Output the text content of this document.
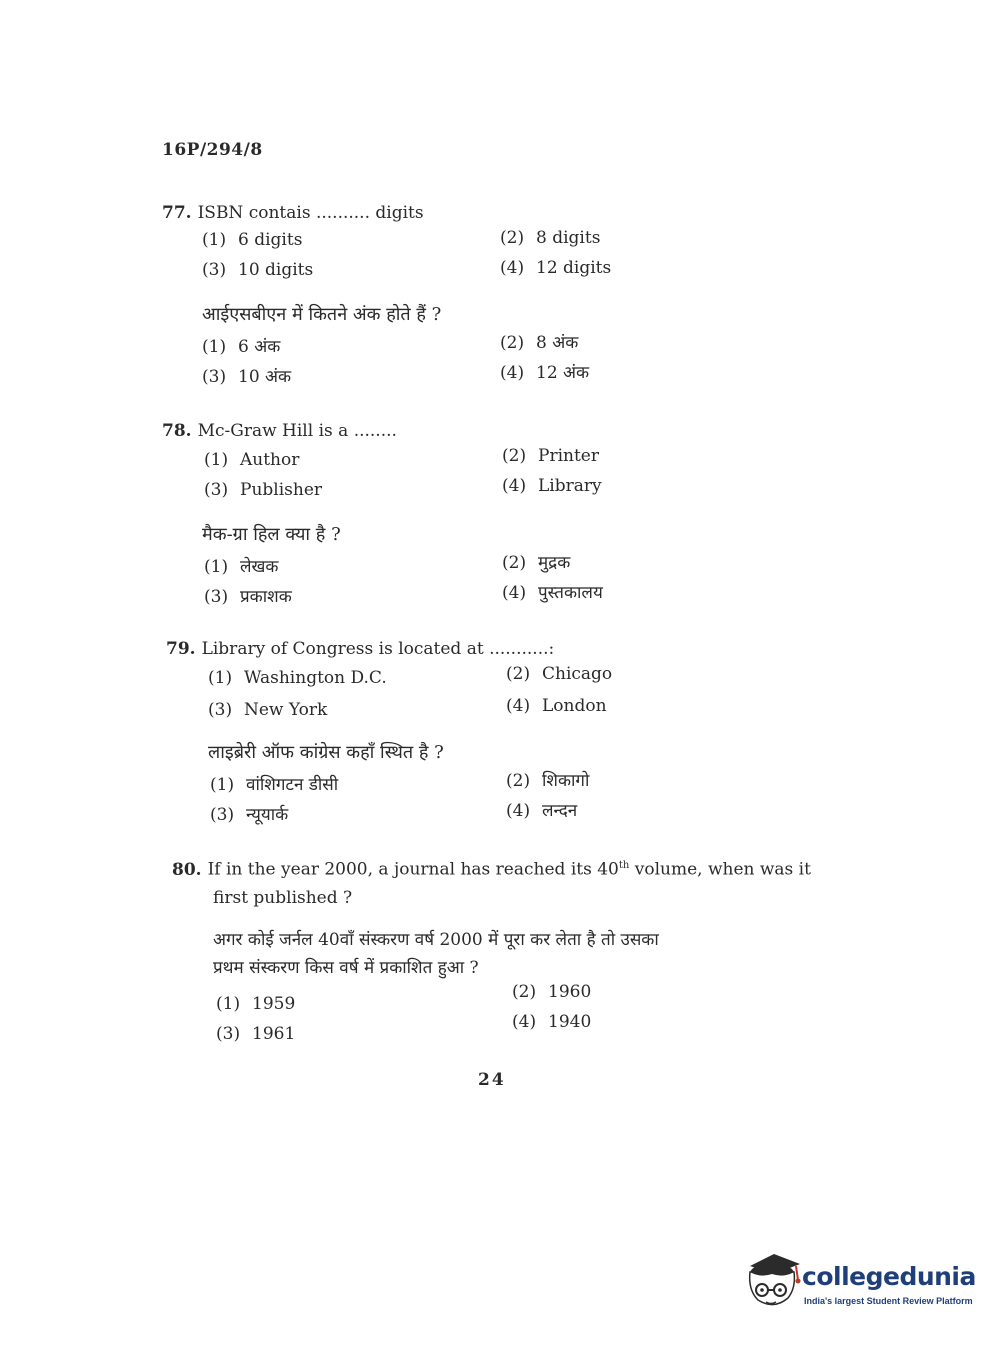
16P/294/8
77. ISBN contais .......... digits
(1) 6 digits	(2) 8 digits
(3) 10 digits	(4) 12 digits
आईएसबीएन में कितने अंक होते हैं ?
(1) 6 अंक	(2) 8 अंक
(3) 10 अंक	(4) 12 अंक
78. Mc-Graw Hill is a ........
(1) Author	(2) Printer
(3) Publisher	(4) Library
मैक-ग्रा हिल क्या है ?
(1) लेखक	(2) मुद्रक
(3) प्रकाशक	(4) पुस्तकालय
79. Library of Congress is located at ...........:
(1) Washington D.C.	(2) Chicago
(3) New York	(4) London
लाइब्रेरी ऑफ कांग्रेस कहाँ स्थित है ?
(1) वांशिगटन डीसी	(2) शिकागो
(3) न्यूयार्क	(4) लन्दन
80. If in the year 2000, a journal has reached its 40th volume, when was it
first published ?
अगर कोई जर्नल 40वाँ संस्करण वर्ष 2000 में पूरा कर लेता है तो उसका
प्रथम संस्करण किस वर्ष में प्रकाशित हुआ ?
(1) 1959
(2) 1960
(3) 1961
(4) 1940
24
collegedunia
India's largest Student Review Platform
